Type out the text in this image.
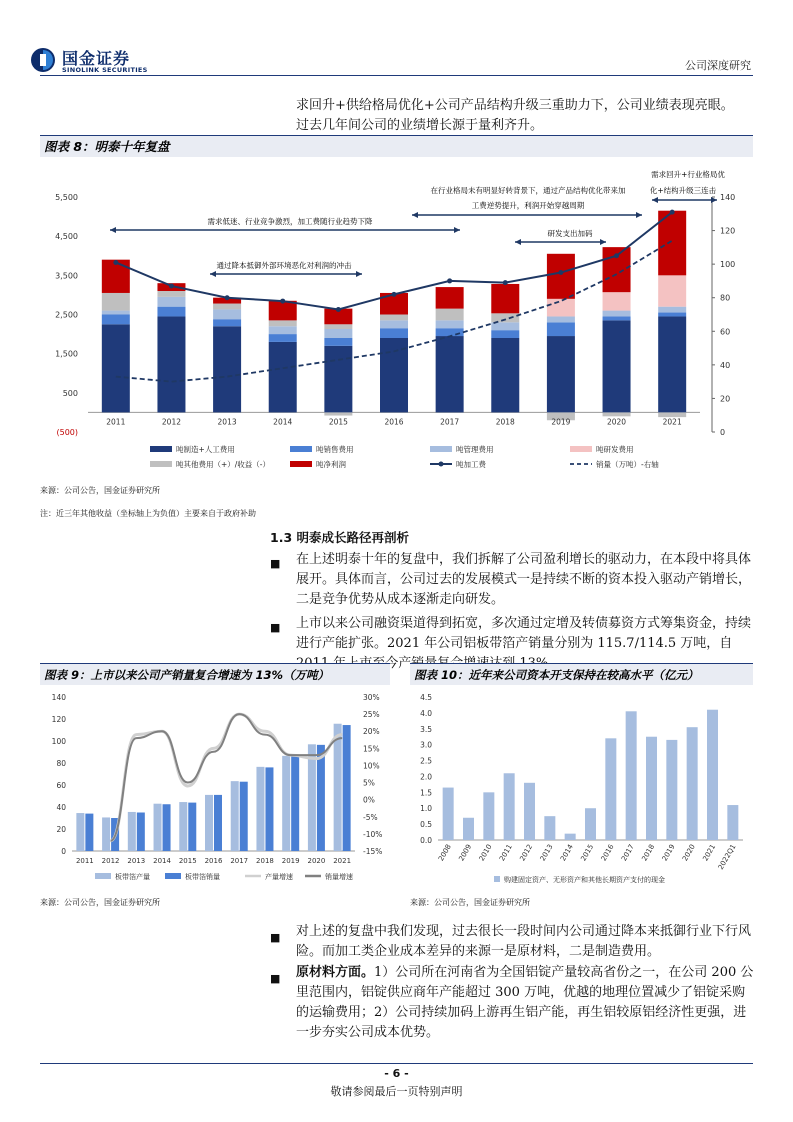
国金证券
SINOLINK SECURITIES	公司深度研究
求回升+供给格局优化+公司产品结构升级三重助力下，公司业绩表现亮眼。
过去几年间公司的业绩增长源于量利齐升。
图表 8：明泰十年复盘
(500)
500
1,500
2,500
3,500
4,500
5,500
0
20
40
60
80
100
120
140
2011	2012	2013	2014	2015	2016	2017	2018	2019	2020	2021
需求低迷、行业竞争激烈，加工费随行业趋势下降
通过降本抵御外部环境恶化对利润的冲击
在行业格局未有明显好转背景下，通过产品结构优化带来加
工费逆势提升，利润开始穿越周期
研发支出加码
需求回升+行业格局优
化+结构升级三连击
吨制造+人工费用	吨销售费用	吨管理费用	吨研发费用
吨其他费用（+）/收益（-）	吨净利润	吨加工费	销量（万吨）-右轴
来源：公司公告，国金证券研究所
注：近三年其他收益（坐标轴上为负值）主要来自于政府补助
1.3 明泰成长路径再剖析
■ 在上述明泰十年的复盘中，我们拆解了公司盈利增长的驱动力，在本段中将具体展开。具体而言，公司过去的发展模式一是持续不断的资本投入驱动产销增长，二是竞争优势从成本逐渐走向研发。
■ 上市以来公司融资渠道得到拓宽，多次通过定增及转债募资方式筹集资金，持续进行产能扩张。2021 年公司铝板带箔产销量分别为 115.7/114.5 万吨，自
图表 9：上市以来公司产销量复合增速为 13%（万吨）	图表 10：近年来公司资本开支保持在较高水平（亿元）
0
20
40
60
80
100
120
140
-15%
-10%
-5%
0%
5%
10%
15%
20%
25%
30%
2011 2012 2013 2014 2015 2016 2017 2018 2019 2020 2021
板带箔产量	板带箔销量	产量增速	销量增速
0.0
0.5
1.0
1.5
2.0
2.5
3.0
3.5
4.0
4.5
2008 2009 2010 2011 2012 2013 2014 2015 2016 2017 2018 2019 2020 2021 2022Q1
购建固定资产、无形资产和其他长期资产支付的现金
来源：公司公告，国金证券研究所	来源：公司公告，国金证券研究所
■ 对上述的复盘中我们发现，过去很长一段时间内公司通过降本来抵御行业下行风险。而加工类企业成本差异的来源一是原材料，二是制造费用。
■ 原材料方面。1）公司所在河南省为全国铝锭产量较高省份之一，在公司 200 公里范围内，铝锭供应商年产能超过 300 万吨，优越的地理位置减少了铝锭采购的运输费用；2）公司持续加码上游再生铝产能，再生铝较原铝经济性更强，进一步夯实公司成本优势。
- 6 -
敬请参阅最后一页特别声明
